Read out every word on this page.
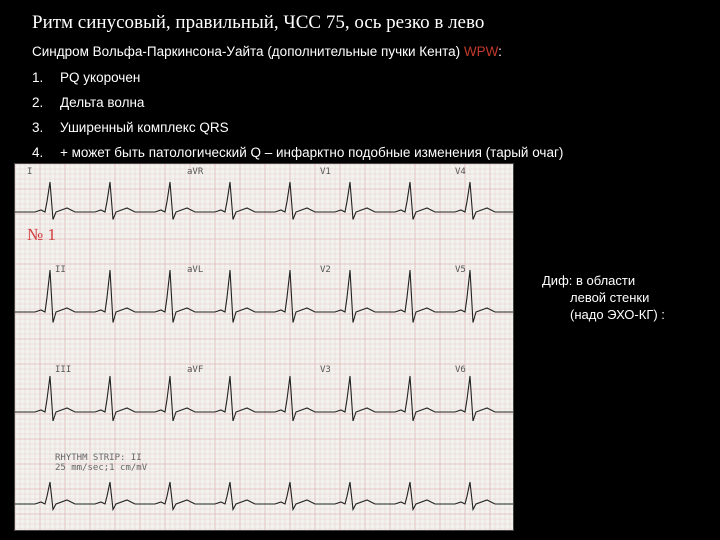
Ритм синусовый, правильный, ЧСС 75, ось резко в лево
Синдром Вольфа-Паркинсона-Уайта (дополнительные пучки Кента) WPW:
1.	PQ укорочен
2.	Дельта волна
3.	Уширенный комплекс QRS
4.	+ может быть патологический Q – инфарктно подобные изменения (тарый очаг)
I	aVR	V1	V4
II	aVL	V2	V5
III	aVF	V3	V6
№ 1
RHYTHM STRIP: II
25 mm/sec;1 cm/mV
Диф: в области
левой стенки
(надо ЭХО-КГ) :
